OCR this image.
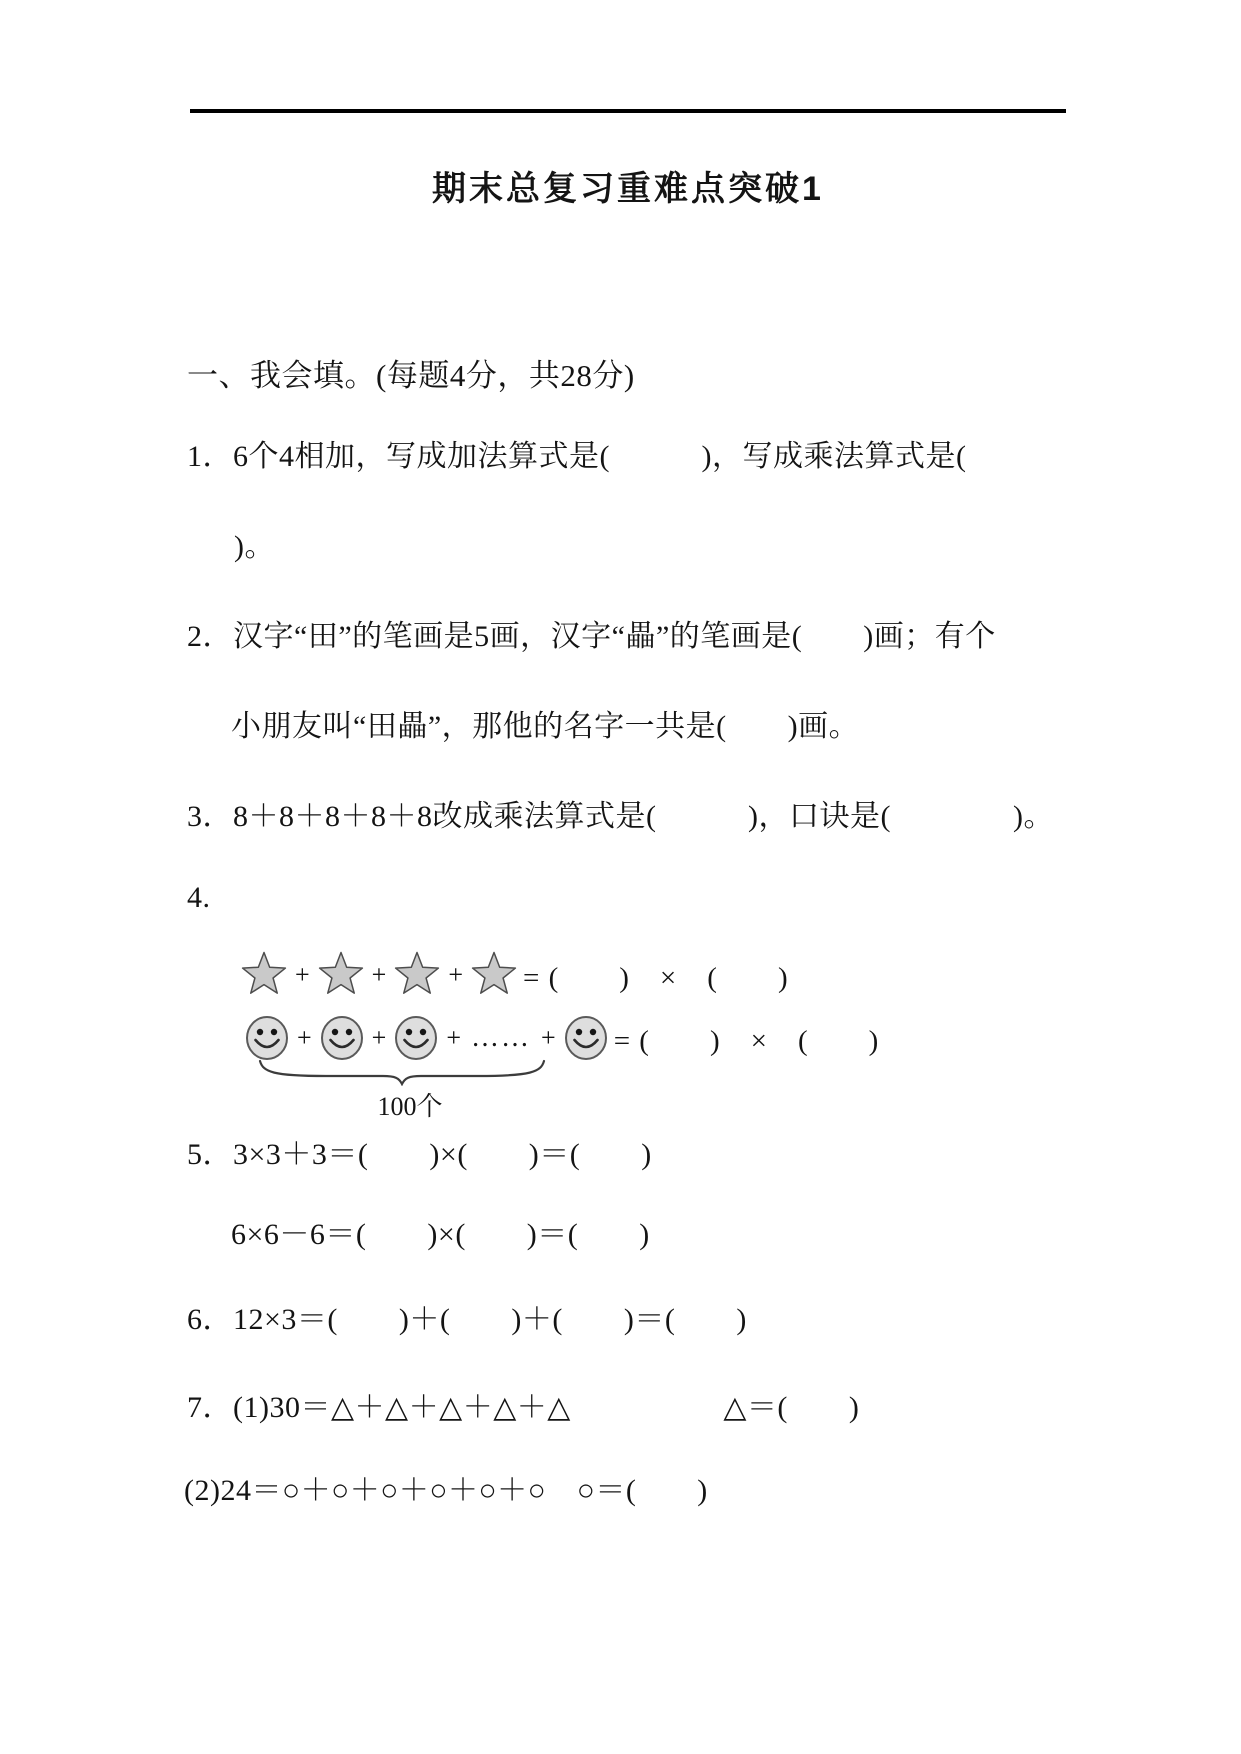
期末总复习重难点突破1
一、我会填。(每题4分，共28分)
1．6个4相加，写成加法算式是(　　　)，写成乘法算式是(
)。
2．汉字“田”的笔画是5画，汉字“畾”的笔画是(　　)画；有个
小朋友叫“田畾”，那他的名字一共是(　　)画。
3．8＋8＋8＋8＋8改成乘法算式是(　　　)，口诀是(　　　　)。
4.
+ + + = (　　)　×　(　　)
+ + + …… + = (　　)　×　(　　)
100个
5．3×3＋3＝(　　)×(　　)＝(　　)
6×6－6＝(　　)×(　　)＝(　　)
6．12×3＝(　　)＋(　　)＋(　　)＝(　　)
7．(1)30＝△＋△＋△＋△＋△　　　　　△＝(　　)
(2)24＝○＋○＋○＋○＋○＋○　○＝(　　)
